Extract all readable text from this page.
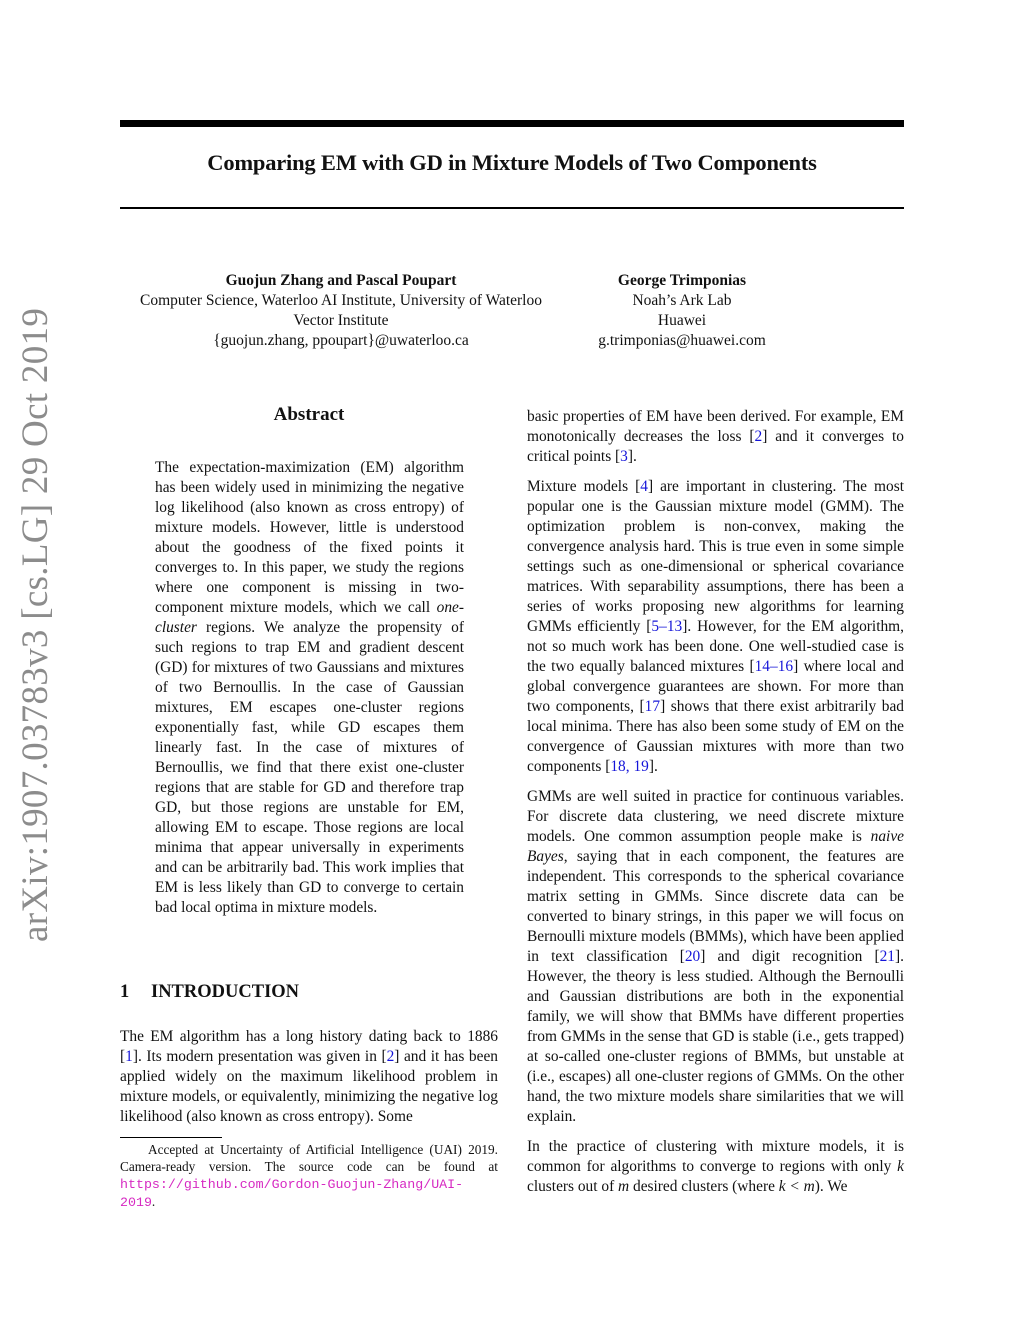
Comparing EM with GD in Mixture Models of Two Components
Guojun Zhang and Pascal Poupart
Computer Science, Waterloo AI Institute, University of Waterloo
Vector Institute
{guojun.zhang, ppoupart}@uwaterloo.ca
George Trimponias
Noah’s Ark Lab
Huawei
g.trimponias@huawei.com
arXiv:1907.03783v3 [cs.LG] 29 Oct 2019	Abstract

The expectation-maximization (EM) algorithm has been widely used in minimizing the negative log likelihood (also known as cross entropy) of mixture models. However, little is understood about the goodness of the fixed points it converges to. In this paper, we study the regions where one component is missing in two-component mixture models, which we call one-cluster regions. We analyze the propensity of such regions to trap EM and gradient descent (GD) for mixtures of two Gaussians and mixtures of two Bernoullis. In the case of Gaussian mixtures, EM escapes one-cluster regions exponentially fast, while GD escapes them linearly fast. In the case of mixtures of Bernoullis, we find that there exist one-cluster regions that are stable for GD and therefore trap GD, but those regions are unstable for EM, allowing EM to escape. Those regions are local minima that appear universally in experiments and can be arbitrarily bad. This work implies that EM is less likely than GD to converge to certain bad local optima in mixture models.

1 INTRODUCTION

The EM algorithm has a long history dating back to 1886 [1]. Its modern presentation was given in [2] and it has been applied widely on the maximum likelihood problem in mixture models, or equivalently, minimizing the negative log likelihood (also known as cross entropy). Some

Accepted at Uncertainty of Artificial Intelligence (UAI) 2019. Camera-ready version. The source code can be found at https://github.com/Gordon-Guojun-Zhang/UAI-2019.

basic properties of EM have been derived. For example, EM monotonically decreases the loss [2] and it converges to critical points [3].

Mixture models [4] are important in clustering. The most popular one is the Gaussian mixture model (GMM). The optimization problem is non-convex, making the convergence analysis hard. This is true even in some simple settings such as one-dimensional or spherical covariance matrices. With separability assumptions, there has been a series of works proposing new algorithms for learning GMMs efficiently [5–13]. However, for the EM algorithm, not so much work has been done. One well-studied case is the two equally balanced mixtures [14–16] where local and global convergence guarantees are shown. For more than two components, [17] shows that there exist arbitrarily bad local minima. There has also been some study of EM on the convergence of Gaussian mixtures with more than two components [18, 19].

GMMs are well suited in practice for continuous variables. For discrete data clustering, we need discrete mixture models. One common assumption people make is naive Bayes, saying that in each component, the features are independent. This corresponds to the spherical covariance matrix setting in GMMs. Since discrete data can be converted to binary strings, in this paper we will focus on Bernoulli mixture models (BMMs), which have been applied in text classification [20] and digit recognition [21]. However, the theory is less studied. Although the Bernoulli and Gaussian distributions are both in the exponential family, we will show that BMMs have different properties from GMMs in the sense that GD is stable (i.e., gets trapped) at so-called one-cluster regions of BMMs, but unstable at (i.e., escapes) all one-cluster regions of GMMs. On the other hand, the two mixture models share similarities that we will explain.

In the practice of clustering with mixture models, it is common for algorithms to converge to regions with only k clusters out of m desired clusters (where k < m). We
